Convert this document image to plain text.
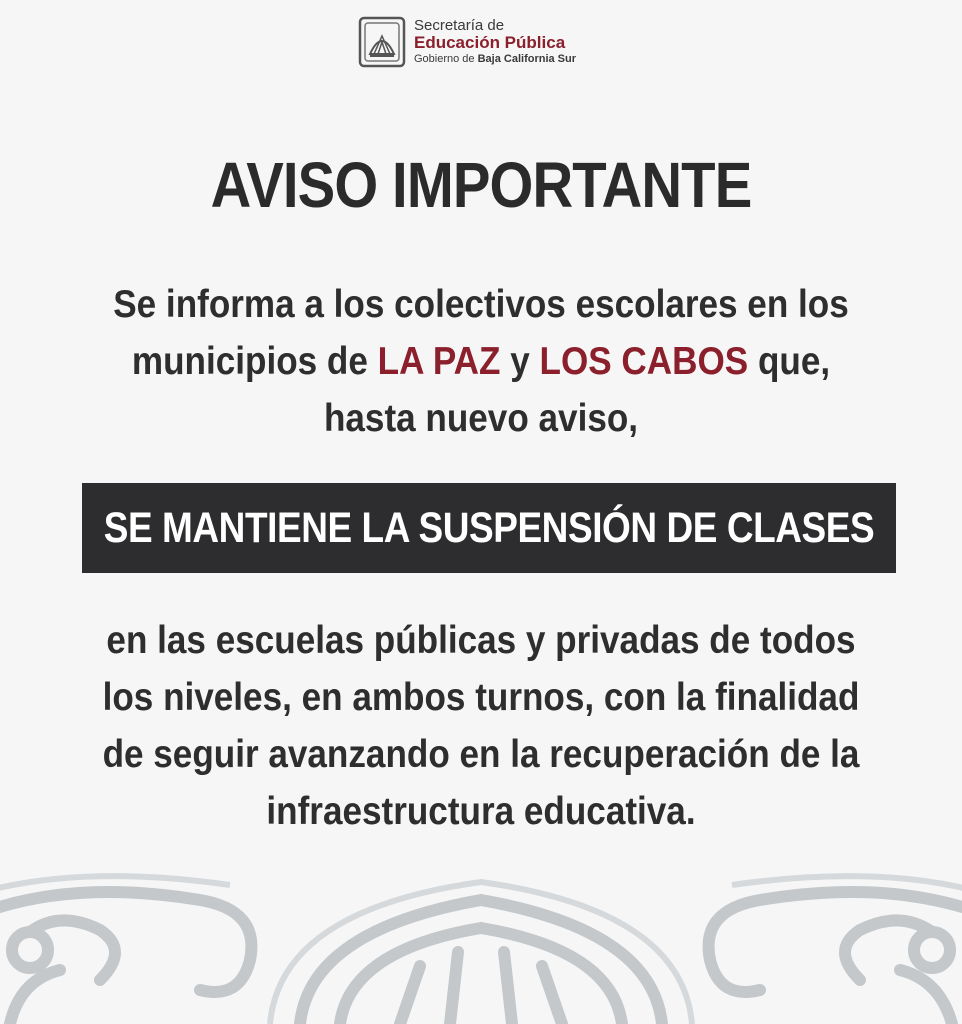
Secretaría de
Educación Pública
Gobierno de Baja California Sur
AVISO IMPORTANTE
Se informa a los colectivos escolares en los
municipios de LA PAZ y LOS CABOS que,
hasta nuevo aviso,
SE MANTIENE LA SUSPENSIÓN DE CLASES
en las escuelas públicas y privadas de todos
los niveles, en ambos turnos, con la finalidad
de seguir avanzando en la recuperación de la
infraestructura educativa.
